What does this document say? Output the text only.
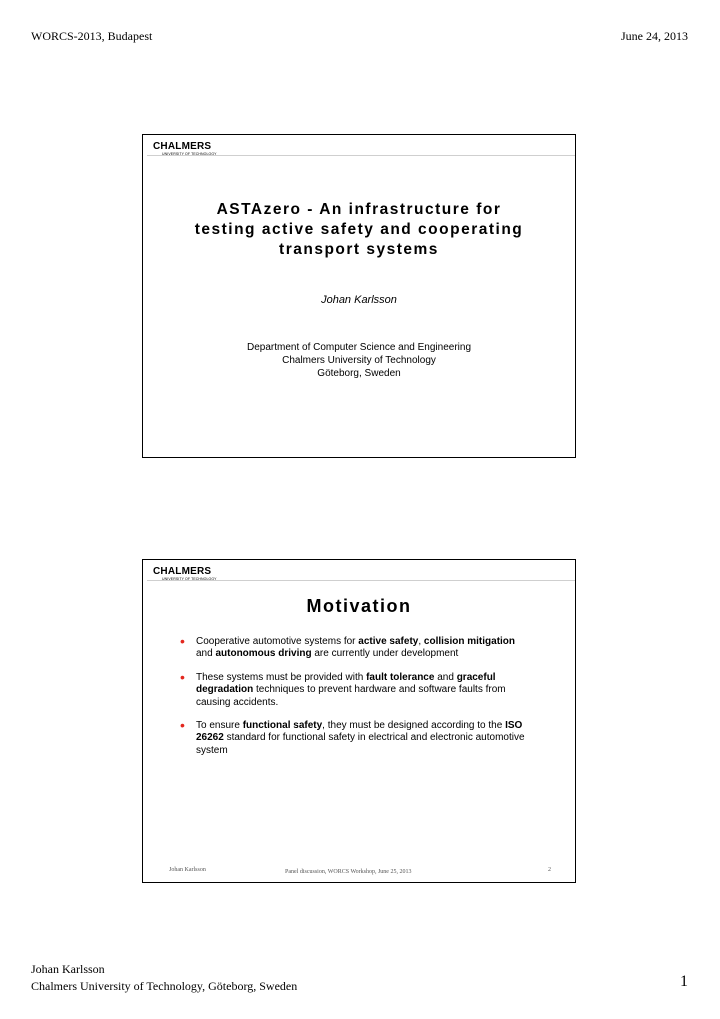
WORCS-2013, Budapest	June 24, 2013
CHALMERS
UNIVERSITY OF TECHNOLOGY
ASTAzero - An infrastructure for
testing active safety and cooperating
transport systems
Johan Karlsson
Department of Computer Science and Engineering
Chalmers University of Technology
Göteborg, Sweden
CHALMERS
UNIVERSITY OF TECHNOLOGY
Motivation
• Cooperative automotive systems for active safety, collision mitigation and autonomous driving are currently under development
• These systems must be provided with fault tolerance and graceful degradation techniques to prevent hardware and software faults from causing accidents.
• To ensure functional safety, they must be designed according to the ISO 26262 standard for functional safety in electrical and electronic automotive system
Johan Karlsson	Panel discussion, WORCS Workshop, June 25, 2013	2
Johan Karlsson
Chalmers University of Technology, Göteborg, Sweden	1
